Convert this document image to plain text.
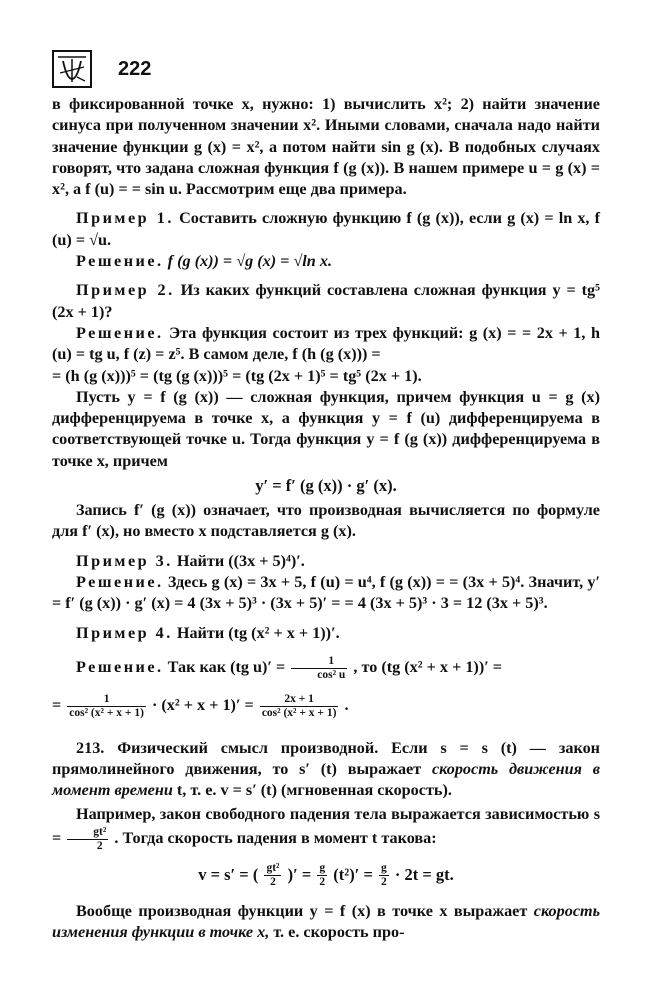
222

в фиксированной точке x, нужно: 1) вычислить x²; 2) найти значение синуса при полученном значении x². Иными словами, сначала надо найти значение функции g (x) = x², а потом найти sin g (x). В подобных случаях говорят, что задана сложная функция f (g (x)). В нашем примере u = g (x) = x², а f (u) = = sin u. Рассмотрим еще два примера.

Пример 1. Составить сложную функцию f (g (x)), если g (x) = ln x, f (u) = √u.

Решение. f (g (x)) = √g (x) = √ln x.

Пример 2. Из каких функций составлена сложная функция y = tg⁵ (2x + 1)?

Решение. Эта функция состоит из трех функций: g (x) = = 2x + 1, h (u) = tg u, f (z) = z⁵. В самом деле, f (h (g (x))) =

= (h (g (x)))⁵ = (tg (g (x)))⁵ = (tg (2x + 1)⁵ = tg⁵ (2x + 1).

Пусть y = f (g (x)) — сложная функция, причем функция u = g (x) дифференцируема в точке x, а функция y = f (u) дифференцируема в соответствующей точке u. Тогда функция y = f (g (x)) дифференцируема в точке x, причем

y′ = f′ (g (x)) · g′ (x).

Запись f′ (g (x)) означает, что производная вычисляется по формуле для f′ (x), но вместо x подставляется g (x).

Пример 3. Найти ((3x + 5)⁴)′.

Решение. Здесь g (x) = 3x + 5, f (u) = u⁴, f (g (x)) = = (3x + 5)⁴. Значит, y′ = f′ (g (x)) · g′ (x) = 4 (3x + 5)³ · (3x + 5)′ = = 4 (3x + 5)³ · 3 = 12 (3x + 5)³.

Пример 4. Найти (tg (x² + x + 1))′.

Решение. Так как (tg $u)' = \frac{1}{\text{cos² u}}$ , то (tg (x² + x + 1))′ =

= $\frac{1}{\text{cos² (x² + x + 1)}} \cdot (x^2 + x + 1)' = \frac{2x + 1}{\text{cos² (x² + x + 1)}}$ .

213. Физический смысл производной. Если s = s (t) — закон прямолинейного движения, то s′ (t) выражает скорость движения в момент времени t, т. е. v = s′ (t) (мгновенная скорость).

Например, закон свободного падения тела выражается зависимостью $s = \frac{\text{gt²}}{2}$ . Тогда скорость падения в момент t такова:

v = s′ = ( $\frac{\text{gt²}}{2}$ )′ = $\frac{g}{2} (t^2)' = \frac{g}{2} \cdot 2t$ = gt.

Вообще производная функции y = f (x) в точке x выражает скорость изменения функции в точке x, т. е. скорость про-
